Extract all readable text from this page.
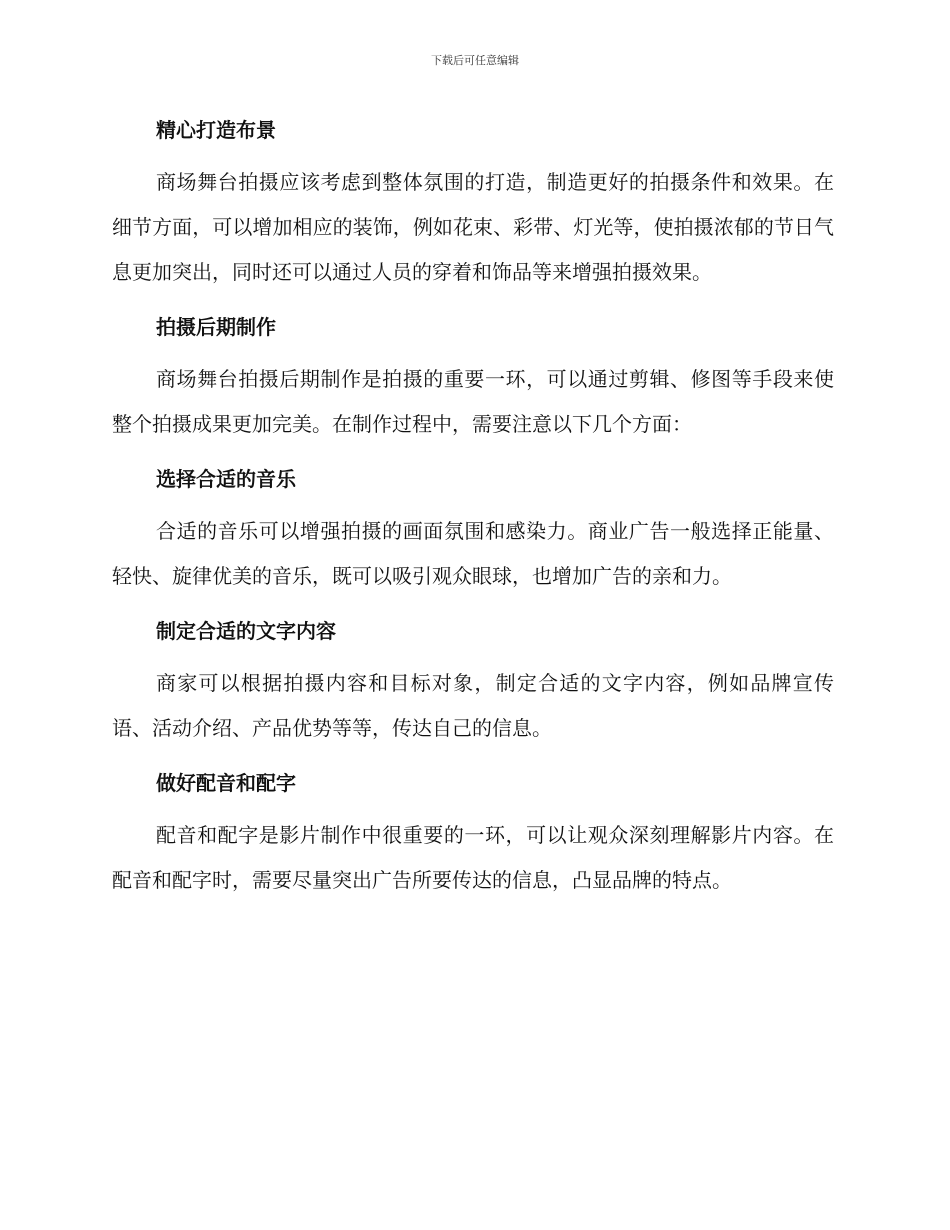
下载后可任意编辑
精心打造布景

商场舞台拍摄应该考虑到整体氛围的打造，制造更好的拍摄条件和效果。在细节方面，可以增加相应的装饰，例如花束、彩带、灯光等，使拍摄浓郁的节日气息更加突出，同时还可以通过人员的穿着和饰品等来增强拍摄效果。

拍摄后期制作

商场舞台拍摄后期制作是拍摄的重要一环，可以通过剪辑、修图等手段来使整个拍摄成果更加完美。在制作过程中，需要注意以下几个方面：

选择合适的音乐

合适的音乐可以增强拍摄的画面氛围和感染力。商业广告一般选择正能量、轻快、旋律优美的音乐，既可以吸引观众眼球，也增加广告的亲和力。

制定合适的文字内容

商家可以根据拍摄内容和目标对象，制定合适的文字内容，例如品牌宣传语、活动介绍、产品优势等等，传达自己的信息。

做好配音和配字

配音和配字是影片制作中很重要的一环，可以让观众深刻理解影片内容。在配音和配字时，需要尽量突出广告所要传达的信息，凸显品牌的特点。
